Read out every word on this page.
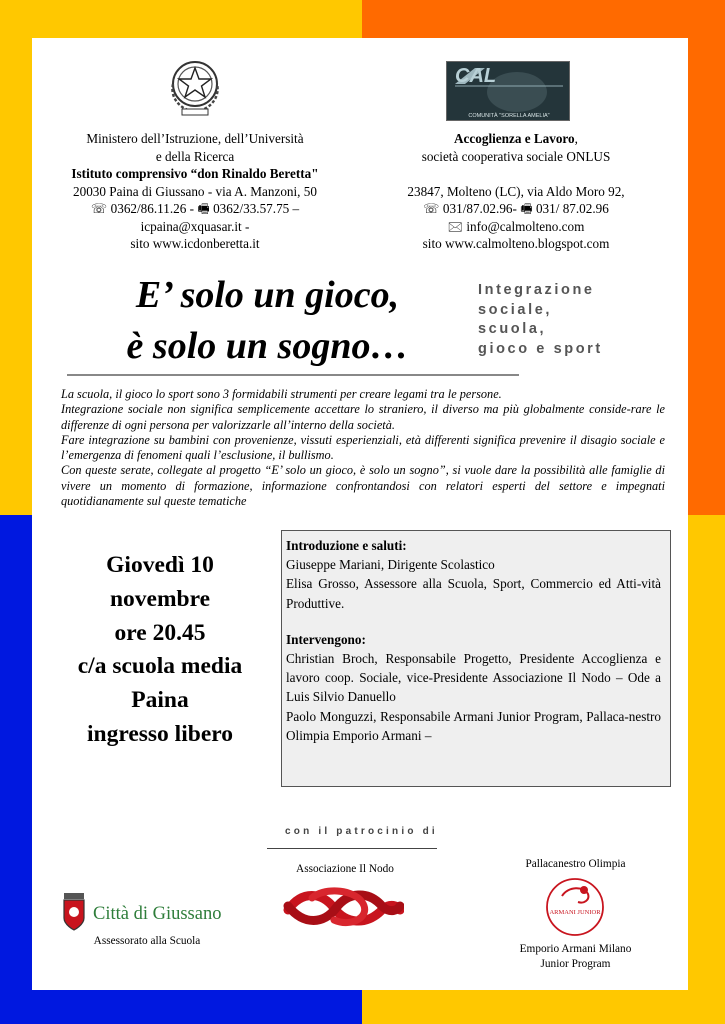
CAL
COMUNITÀ "SORELLA AMELIA"
Ministero dell’Istruzione, dell’Università
e della Ricerca
Istituto comprensivo “don Rinaldo Beretta"
20030 Paina di Giussano - via A. Manzoni, 50
☏ 0362/86.11.26 - 🖷 0362/33.57.75 –
icpaina@xquasar.it -
sito www.icdonberetta.it
Accoglienza e Lavoro,
società cooperativa sociale ONLUS
23847, Molteno (LC), via Aldo Moro 92,
☏ 031/87.02.96- 🖷 031/ 87.02.96
🖂 info@calmolteno.com
sito www.calmolteno.blogspot.com
E’ solo un gioco,
è solo un sogno…
Integrazione
sociale,
scuola,
gioco e sport

La scuola, il gioco lo sport sono 3 formidabili strumenti per creare legami tra le persone.

Integrazione sociale non significa semplicemente accettare lo straniero, il diverso ma più globalmente conside-rare le differenze di ogni persona per valorizzarle all’interno della società.

Fare integrazione su bambini con provenienze, vissuti esperienziali, età differenti significa prevenire il disagio sociale e l’emergenza di fenomeni quali l’esclusione, il bullismo.

Con queste serate, collegate al progetto “E’ solo un gioco, è solo un sogno”, si vuole dare la possibilità alle famiglie di vivere un momento di formazione, informazione confrontandosi con relatori esperti del settore e impegnati quotidianamente sul queste tematiche

Giovedì 10
novembre
ore 20.45
c/a scuola media
Paina
ingresso libero
Introduzione e saluti:
Giuseppe Mariani, Dirigente Scolastico
Elisa Grosso, Assessore alla Scuola, Sport, Commercio ed Atti-vità Produttive.
Intervengono:
Christian Broch, Responsabile Progetto, Presidente Accoglienza e lavoro coop. Sociale, vice-Presidente Associazione Il Nodo – Ode a Luis Silvio Danuello
Paolo Monguzzi, Responsabile Armani Junior Program, Pallaca-nestro Olimpia Emporio Armani –
con il patrocinio di
Associazione Il Nodo
Città di Giussano
Assessorato alla Scuola
Pallacanestro Olimpia
ARMANI JUNIOR
Emporio Armani Milano
Junior Program
